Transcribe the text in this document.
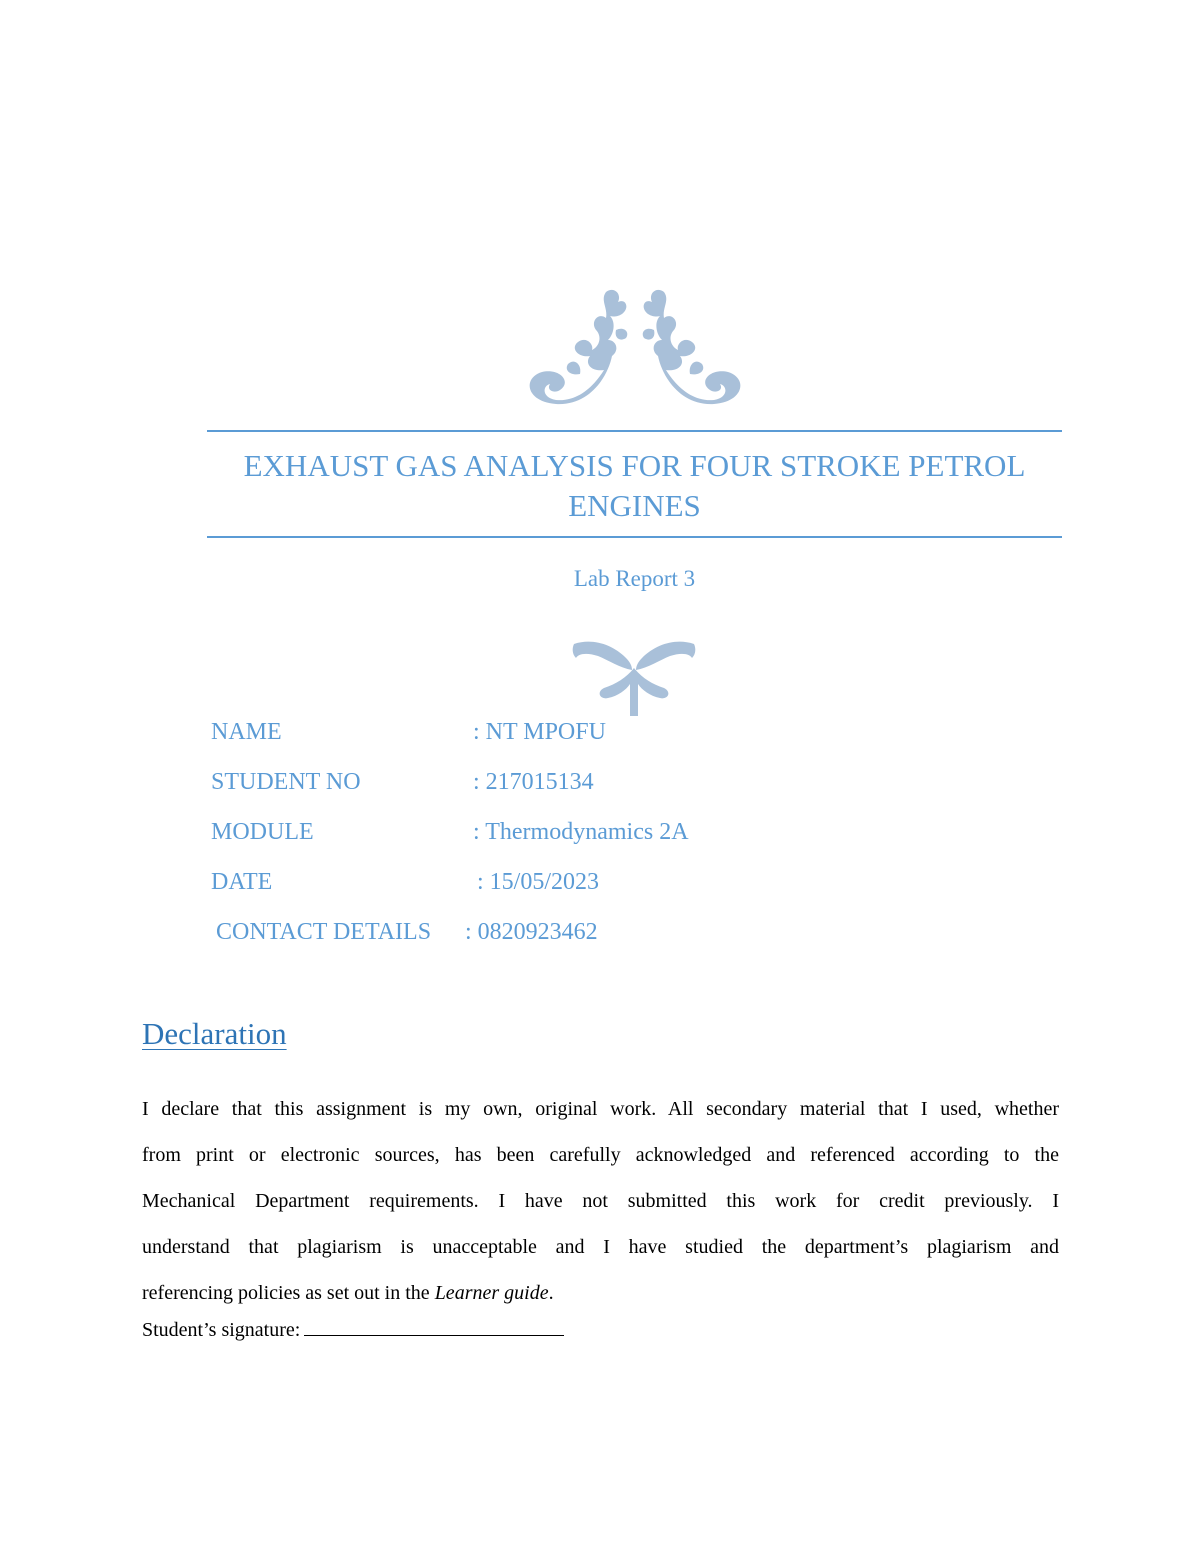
EXHAUST GAS ANALYSIS FOR FOUR STROKE PETROL ENGINES
Lab Report 3
NAME	: NT MPOFU
STUDENT NO	: 217015134
MODULE	: Thermodynamics 2A
DATE	: 15/05/2023
CONTACT DETAILS : 0820923462
Declaration
I declare that this assignment is my own, original work. All secondary material that I used, whether
from print or electronic sources, has been carefully acknowledged and referenced according to the
Mechanical Department requirements. I have not submitted this work for credit previously. I
understand that plagiarism is unacceptable and I have studied the department’s plagiarism and
referencing policies as set out in the Learner guide.
Student’s signature:
